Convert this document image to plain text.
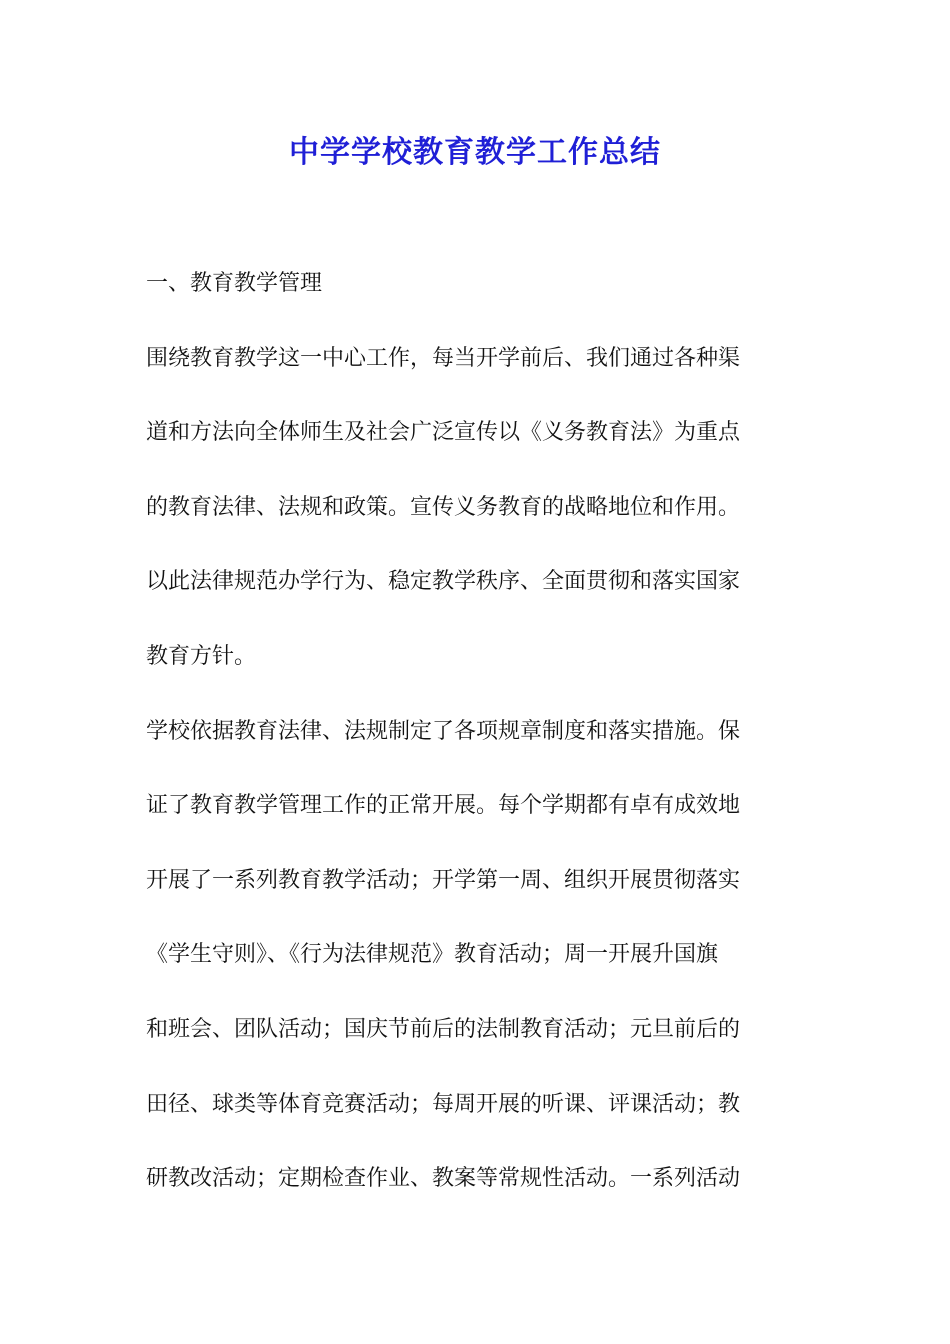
中学学校教育教学工作总结
一、教育教学管理
围绕教育教学这一中心工作，每当开学前后、我们通过各种渠
道和方法向全体师生及社会广泛宣传以《义务教育法》为重点
的教育法律、法规和政策。宣传义务教育的战略地位和作用。
以此法律规范办学行为、稳定教学秩序、全面贯彻和落实国家
教育方针。
学校依据教育法律、法规制定了各项规章制度和落实措施。保
证了教育教学管理工作的正常开展。每个学期都有卓有成效地
开展了一系列教育教学活动；开学第一周、组织开展贯彻落实
《学生守则》、《行为法律规范》教育活动；周一开展升国旗
和班会、团队活动；国庆节前后的法制教育活动；元旦前后的
田径、球类等体育竞赛活动；每周开展的听课、评课活动；教
研教改活动；定期检查作业、教案等常规性活动。一系列活动
